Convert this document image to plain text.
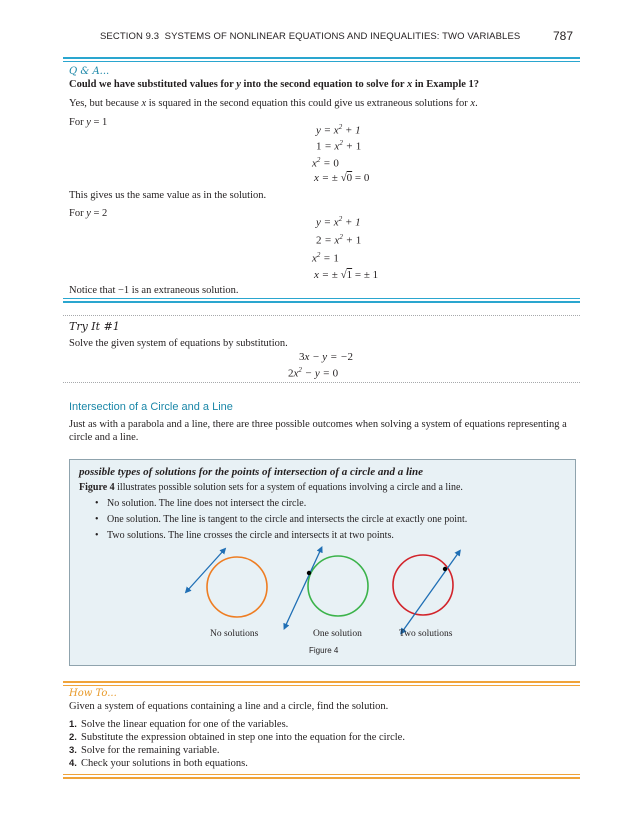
SECTION 9.3 SYSTEMS OF NONLINEAR EQUATIONS AND INEQUALITIES: TWO VARIABLES	787
Q & A...
Could we have substituted values for y into the second equation to solve for x in Example 1?
Yes, but because x is squared in the second equation this could give us extraneous solutions for x.
For y = 1
$y = x^2 + 1$
$1 = x^2 + 1$
$x^2 = 0$
x = ± √0 = 0
This gives us the same value as in the solution.
For y = 2
$y = x^2 + 1$
$2 = x^2 + 1$
$x^2 = 1$
x = ± √1 = ± 1
Notice that −1 is an extraneous solution.
Try It #1
Solve the given system of equations by substitution.
3x − y = −2
$2x^2 - y = 0$
Intersection of a Circle and a Line
Just as with a parabola and a line, there are three possible outcomes when solving a system of equations representing a circle and a line.
possible types of solutions for the points of intersection of a circle and a line
Figure 4 illustrates possible solution sets for a system of equations involving a circle and a line.
• No solution. The line does not intersect the circle.
• One solution. The line is tangent to the circle and intersects the circle at exactly one point.
• Two solutions. The line crosses the circle and intersects it at two points.
No solutions	One solution	Two solutions
Figure 4
How To...
Given a system of equations containing a line and a circle, find the solution.
1. Solve the linear equation for one of the variables.
2. Substitute the expression obtained in step one into the equation for the circle.
3. Solve for the remaining variable.
4. Check your solutions in both equations.
